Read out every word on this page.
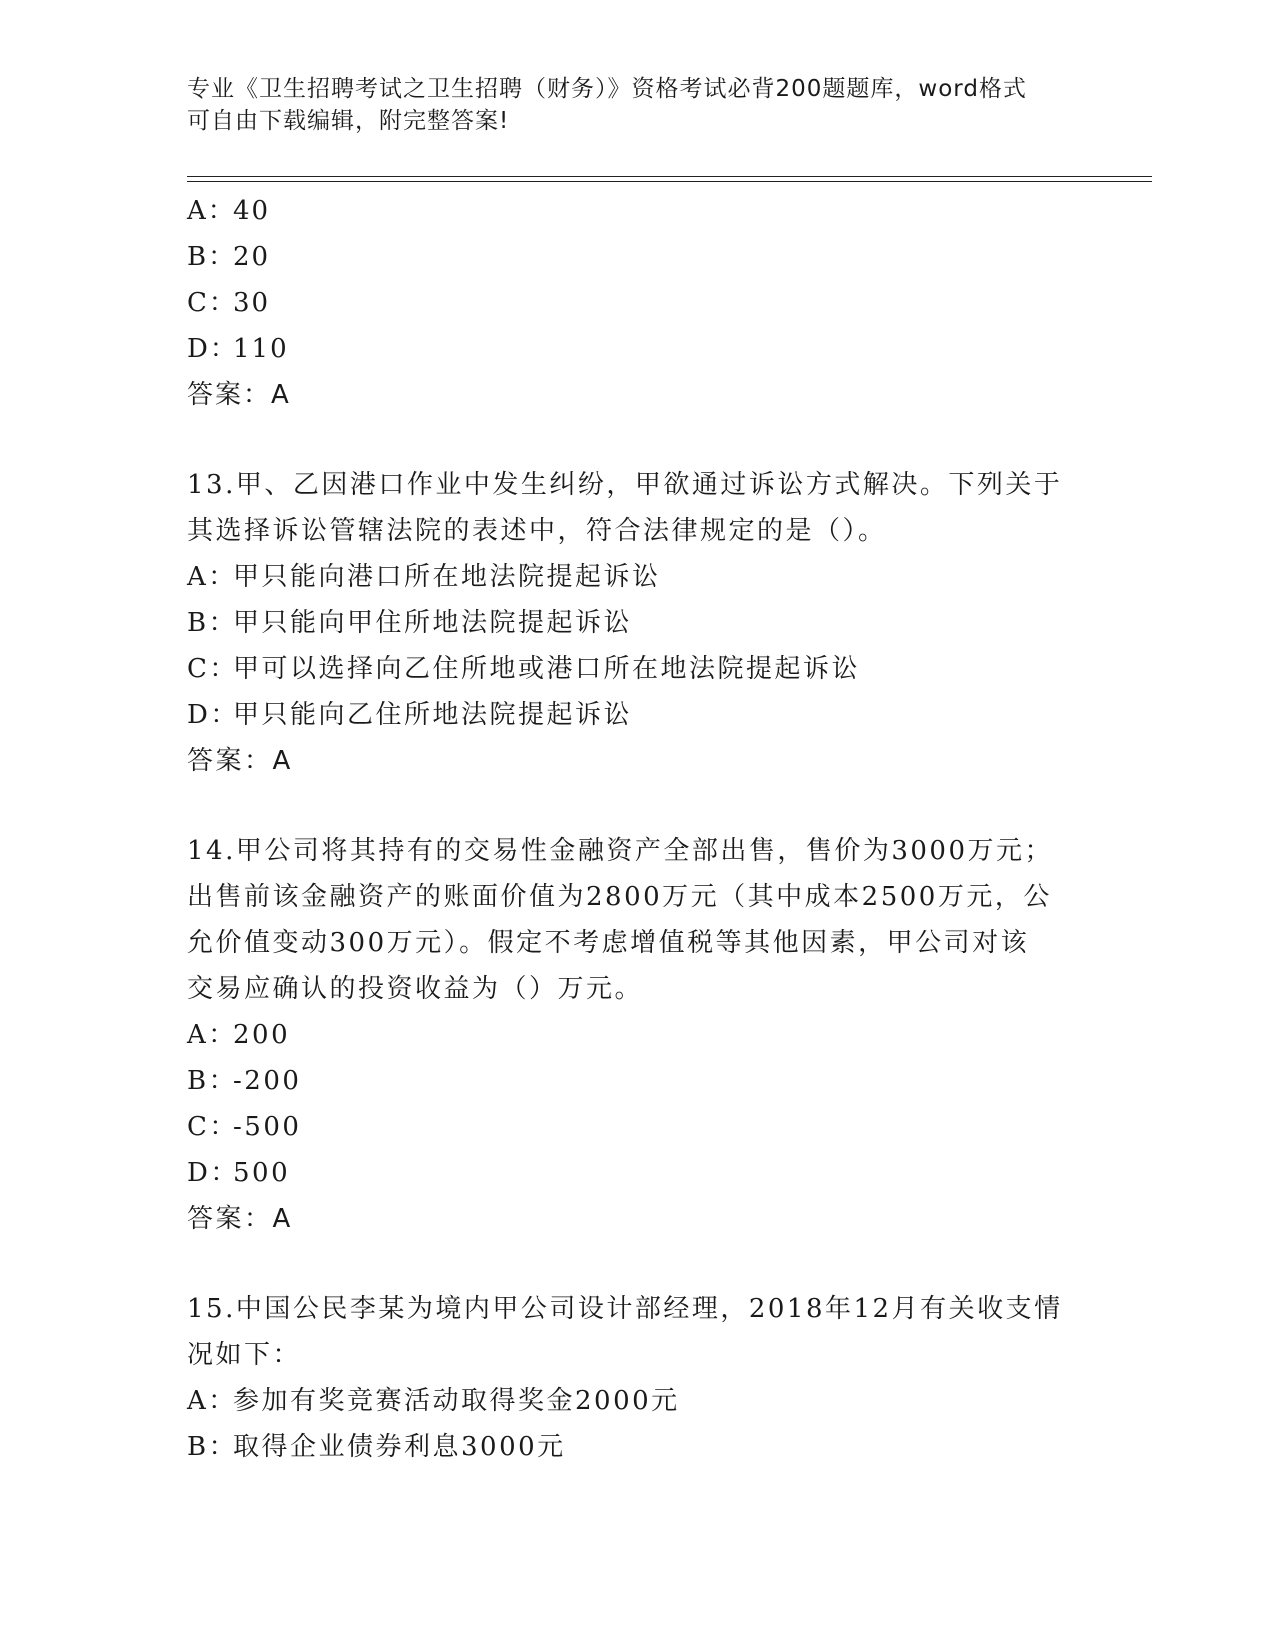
专业《卫生招聘考试之卫生招聘（财务）》资格考试必背200题题库，word格式
可自由下载编辑，附完整答案!
A：40
B：20
C：30
D：110
答案：A
13.甲、乙因港口作业中发生纠纷，甲欲通过诉讼方式解决。下列关于
其选择诉讼管辖法院的表述中，符合法律规定的是（）。
A：甲只能向港口所在地法院提起诉讼
B：甲只能向甲住所地法院提起诉讼
C：甲可以选择向乙住所地或港口所在地法院提起诉讼
D：甲只能向乙住所地法院提起诉讼
答案：A
14.甲公司将其持有的交易性金融资产全部出售，售价为3000万元；
出售前该金融资产的账面价值为2800万元（其中成本2500万元，公
允价值变动300万元）。假定不考虑增值税等其他因素，甲公司对该
交易应确认的投资收益为（）万元。
A：200
B：-200
C：-500
D：500
答案：A
15.中国公民李某为境内甲公司设计部经理，2018年12月有关收支情
况如下：
A：参加有奖竞赛活动取得奖金2000元
B：取得企业债券利息3000元
